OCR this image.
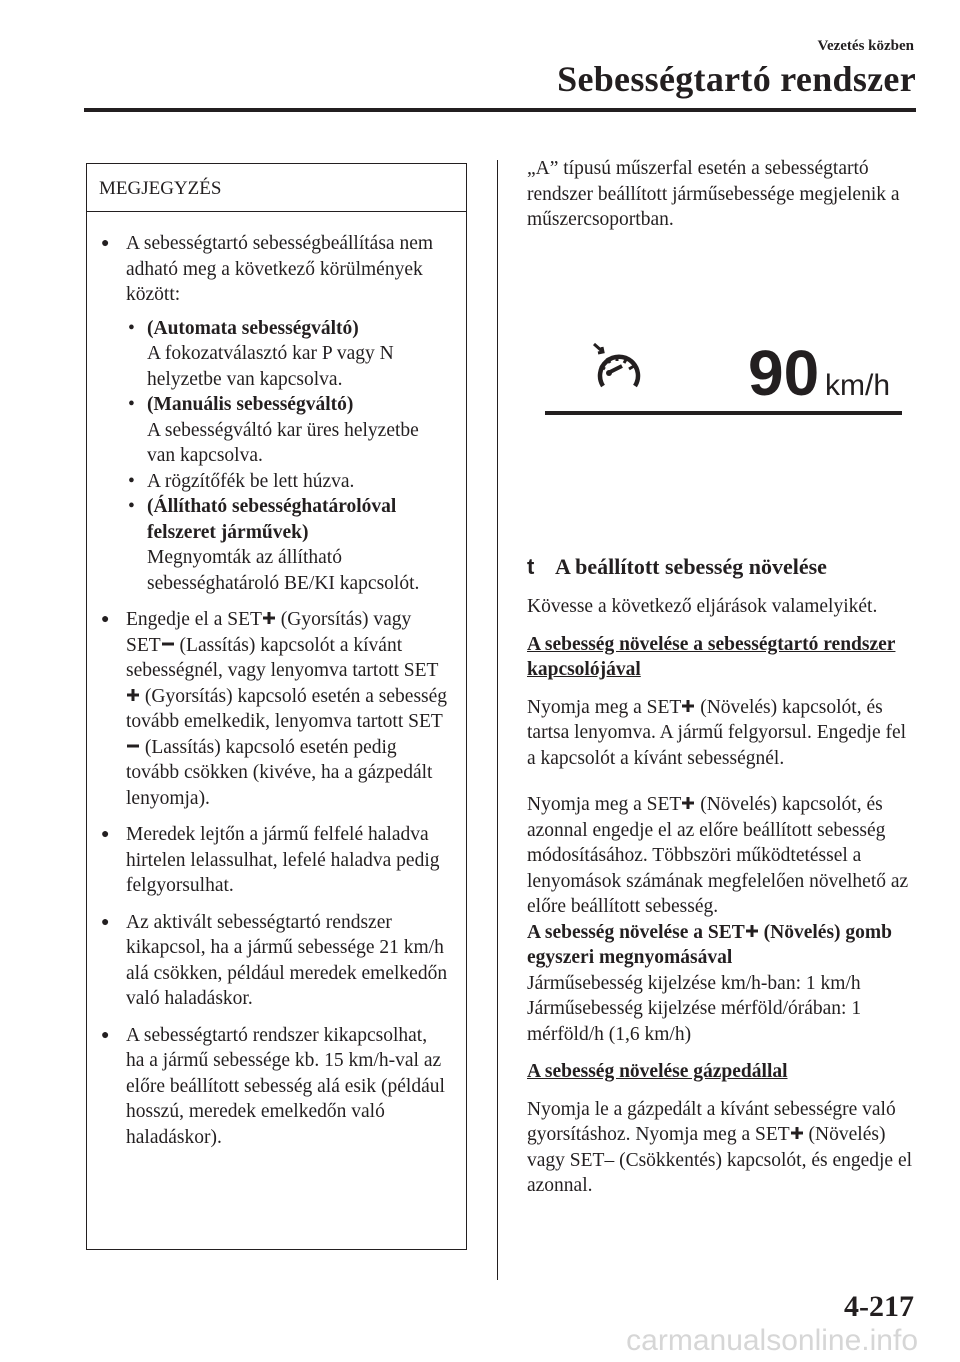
Vezetés közben
Sebességtartó rendszer
MEGJEGYZÉS
● A sebességtartó sebességbeállítása nem adható meg a következő körülmények között:
• (Automata sebességváltó)
A fokozatválasztó kar P vagy N helyzetbe van kapcsolva.
• (Manuális sebességváltó)
A sebességváltó kar üres helyzetbe van kapcsolva.
• A rögzítőfék be lett húzva.
• (Állítható sebességhatárolóval felszeret járművek)
Megnyomták az állítható sebességhatároló BE/KI kapcsolót.
● Engedje el a SET (Gyorsítás) vagy SET (Lassítás) kapcsolót a kívánt sebességnél, vagy lenyomva tartott SET (Gyorsítás) kapcsoló esetén a sebesség tovább emelkedik, lenyomva tartott SET (Lassítás) kapcsoló esetén pedig tovább csökken (kivéve, ha a gázpedált lenyomja).
● Meredek lejtőn a jármű felfelé haladva hirtelen lelassulhat, lefelé haladva pedig felgyorsulhat.
● Az aktivált sebességtartó rendszer kikapcsol, ha a jármű sebessége 21 km/h alá csökken, például meredek emelkedőn való haladáskor.
● A sebességtartó rendszer kikapcsolhat, ha a jármű sebessége kb. 15 km/h-val az előre beállított sebesség alá esik (például hosszú, meredek emelkedőn való haladáskor).

„A” típusú műszerfal esetén a sebességtartó rendszer beállított járműsebessége megjelenik a műszercsoportban.

90 km/h
t A beállított sebesség növelése

Kövesse a következő eljárások valamelyikét.

A sebesség növelése a sebességtartó rendszer kapcsolójával

Nyomja meg a SET (Növelés) kapcsolót, és tartsa lenyomva. A jármű felgyorsul. Engedje fel a kapcsolót a kívánt sebességnél.

Nyomja meg a SET (Növelés) kapcsolót, és azonnal engedje el az előre beállított sebesség módosításához. Többszöri működtetéssel a lenyomások számának megfelelően növelhető az előre beállított sebesség.

A sebesség növelése a SET (Növelés) gomb egyszeri megnyomásával

Járműsebesség kijelzése km/h-ban: 1 km/h

Járműsebesség kijelzése mérföld/órában: 1 mérföld/h (1,6 km/h)

A sebesség növelése gázpedállal

Nyomja le a gázpedált a kívánt sebességre való gyorsításhoz. Nyomja meg a SET (Növelés) vagy SET– (Csökkentés) kapcsolót, és engedje el azonnal.

4-217
carmanualsonline.info
